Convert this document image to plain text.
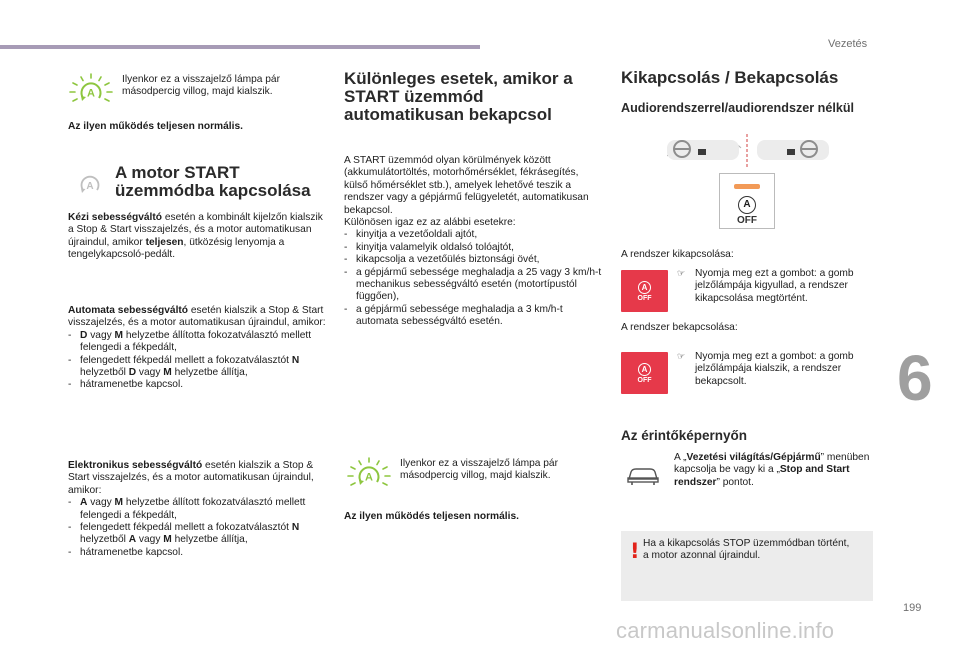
Vezetés
A
Ilyenkor ez a visszajelző lámpa pár másodpercig villog, majd kialszik.
Az ilyen működés teljesen normális.
A
A motor START üzemmódba kapcsolása
Kézi sebességváltó esetén a kombinált kijelzőn kialszik a Stop & Start visszajelzés, és a motor automatikusan újraindul, amikor teljesen, ütközésig lenyomja a tengelykapcsoló-pedált.
Automata sebességváltó esetén kialszik a Stop & Start visszajelzés, és a motor automatikusan újraindul, amikor:
- D vagy M helyzetbe állította fokozatválasztó mellett felengedi a fékpedált,
- felengedett fékpedál mellett a fokozatválasztót N helyzetből D vagy M helyzetbe állítja,
- hátramenetbe kapcsol.
Elektronikus sebességváltó esetén kialszik a Stop & Start visszajelzés, és a motor automatikusan újraindul, amikor:
- A vagy M helyzetbe állított fokozatválasztó mellett felengedi a fékpedált,
- felengedett fékpedál mellett a fokozatválasztót N helyzetből A vagy M helyzetbe állítja,
- hátramenetbe kapcsol.
Különleges esetek, amikor a START üzemmód automatikusan bekapcsol
A START üzemmód olyan körülmények között (akkumulátortöltés, motorhőmérséklet, fékrásegítés, külső hőmérséklet stb.), amelyek lehetővé teszik a rendszer vagy a gépjármű felügyeletét, automatikusan bekapcsol.
Különösen igaz ez az alábbi esetekre:
- kinyitja a vezetőoldali ajtót,
- kinyitja valamelyik oldalsó tolóajtót,
- kikapcsolja a vezetőülés biztonsági övét,
- a gépjármű sebessége meghaladja a 25 vagy 3 km/h-t mechanikus sebességváltó esetén (motortípustól függően),
- a gépjármű sebessége meghaladja a 3 km/h-t automata sebességváltó esetén.
A
Ilyenkor ez a visszajelző lámpa pár másodpercig villog, majd kialszik.
Az ilyen működés teljesen normális.
Kikapcsolás / Bekapcsolás
Audiorendszerrel/audiorendszer nélkül
A
OFF
A rendszer kikapcsolása:
A
OFF
☞ Nyomja meg ezt a gombot: a gomb jelzőlámpája kigyullad, a rendszer kikapcsolása megtörtént.
A rendszer bekapcsolása:
A
OFF
☞ Nyomja meg ezt a gombot: a gomb jelzőlámpája kialszik, a rendszer bekapcsolt.
Az érintőképernyőn
A „Vezetési világítás/Gépjármű” menüben kapcsolja be vagy ki a „Stop and Start rendszer” pontot.
! Ha a kikapcsolás STOP üzemmódban történt, a motor azonnal újraindul.
6
199
carmanualsonline.info
